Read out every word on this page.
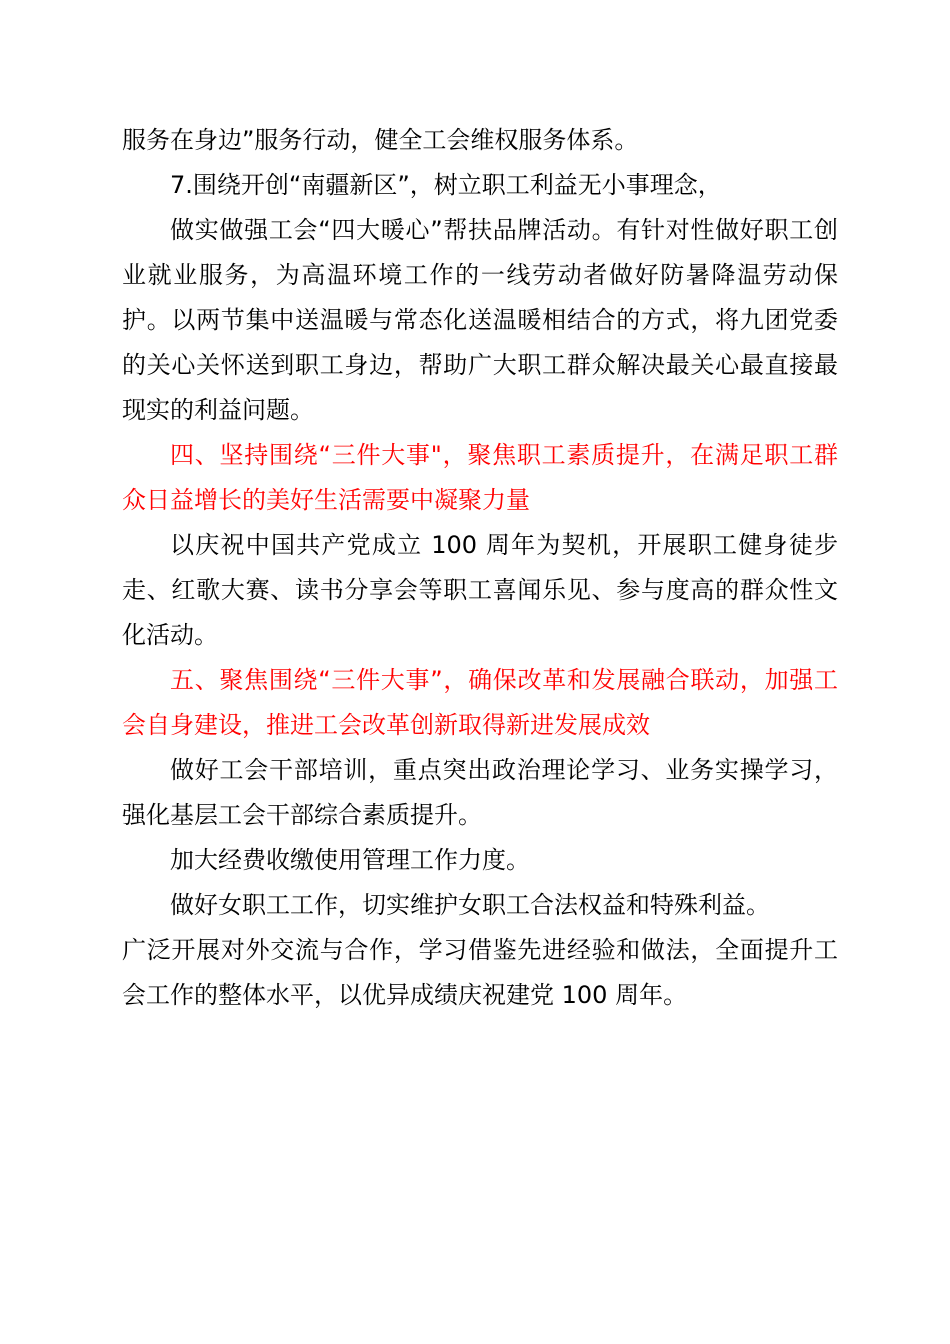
服务在身边”服务行动，健全工会维权服务体系。

7.围绕开创“南疆新区”，树立职工利益无小事理念，

做实做强工会“四大暖心”帮扶品牌活动。有针对性做好职工创业就业服务，为高温环境工作的一线劳动者做好防暑降温劳动保护。以两节集中送温暖与常态化送温暖相结合的方式，将九团党委的关心关怀送到职工身边，帮助广大职工群众解决最关心最直接最现实的利益问题。

四、坚持围绕“三件大事"，聚焦职工素质提升，在满足职工群众日益增长的美好生活需要中凝聚力量

以庆祝中国共产党成立 100 周年为契机，开展职工健身徒步走、红歌大赛、读书分享会等职工喜闻乐见、参与度高的群众性文化活动。

五、聚焦围绕“三件大事”，确保改革和发展融合联动，加强工会自身建设，推进工会改革创新取得新进发展成效

做好工会干部培训，重点突出政治理论学习、业务实操学习，强化基层工会干部综合素质提升。

加大经费收缴使用管理工作力度。

做好女职工工作，切实维护女职工合法权益和特殊利益。

广泛开展对外交流与合作，学习借鉴先进经验和做法，全面提升工会工作的整体水平，以优异成绩庆祝建党 100 周年。
